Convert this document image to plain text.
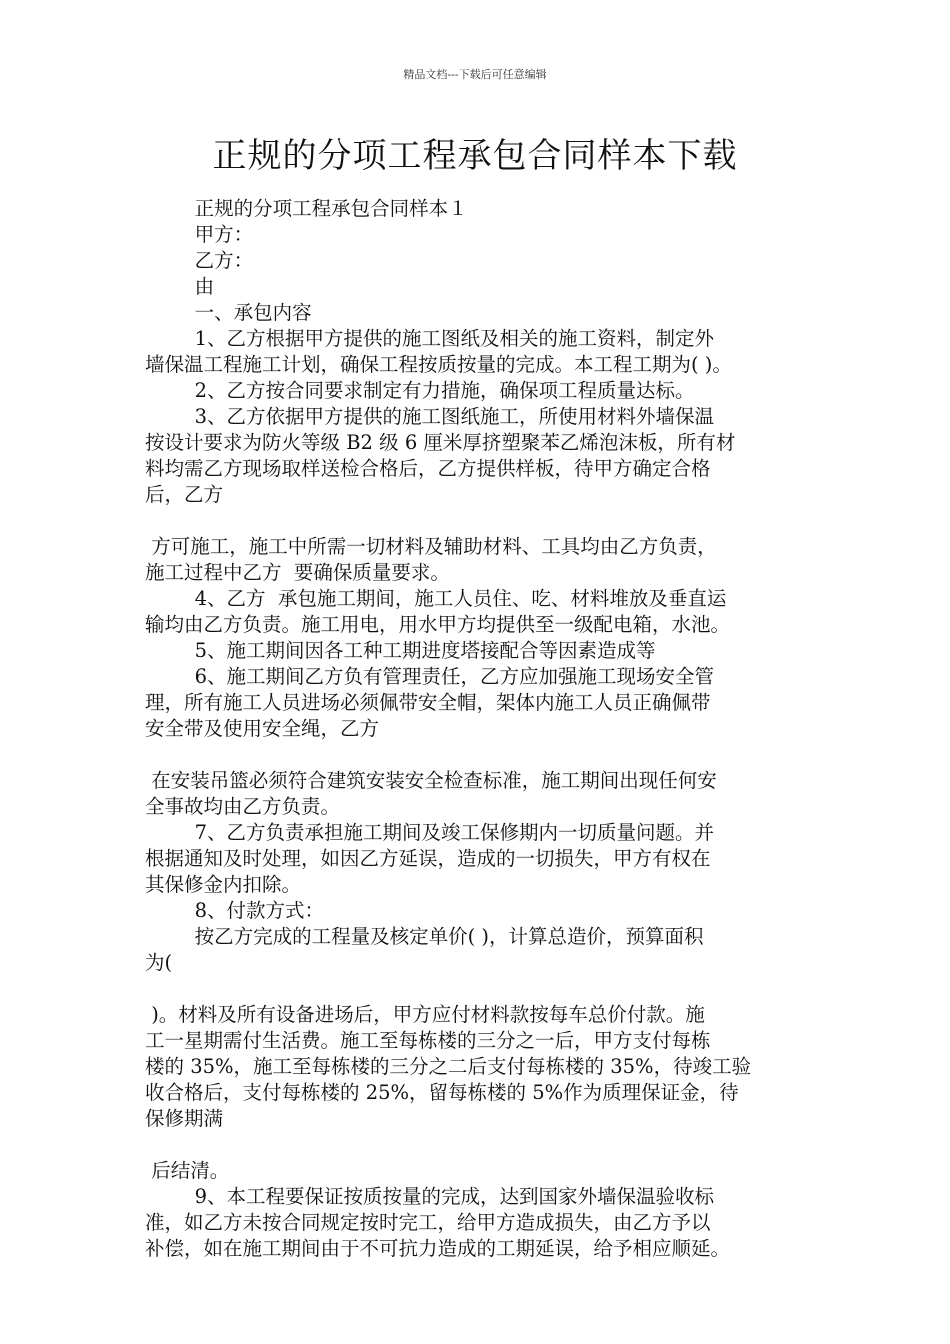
精品文档---下载后可任意编辑
正规的分项工程承包合同样本下载
正规的分项工程承包合同样本１
甲方：
乙方：
由
一、承包内容
1、乙方根据甲方提供的施工图纸及相关的施工资料，制定外
墙保温工程施工计划，确保工程按质按量的完成。本工程工期为( )。
2、乙方按合同要求制定有力措施，确保项工程质量达标。
3、乙方依据甲方提供的施工图纸施工，所使用材料外墙保温
按设计要求为防火等级 B2 级 6 厘米厚挤塑聚苯乙烯泡沫板，所有材
料均需乙方现场取样送检合格后，乙方提供样板，待甲方确定合格
后，乙方
方可施工，施工中所需一切材料及辅助材料、工具均由乙方负责，
施工过程中乙方  要确保质量要求。
4、乙方  承包施工期间，施工人员住、吃、材料堆放及垂直运
输均由乙方负责。施工用电，用水甲方均提供至一级配电箱，水池。
5、施工期间因各工种工期进度塔接配合等因素造成等
6、施工期间乙方负有管理责任，乙方应加强施工现场安全管
理，所有施工人员进场必须佩带安全帽，架体内施工人员正确佩带
安全带及使用安全绳，乙方
在安装吊篮必须符合建筑安装安全检查标准，施工期间出现任何安
全事故均由乙方负责。
7、乙方负责承担施工期间及竣工保修期内一切质量问题。并
根据通知及时处理，如因乙方延误，造成的一切损失，甲方有权在
其保修金内扣除。
8、付款方式：
按乙方完成的工程量及核定单价( )，计算总造价，预算面积
为(
)。材料及所有设备进场后，甲方应付材料款按每车总价付款。施
工一星期需付生活费。施工至每栋楼的三分之一后，甲方支付每栋
楼的 35%，施工至每栋楼的三分之二后支付每栋楼的 35%，待竣工验
收合格后，支付每栋楼的 25%，留每栋楼的 5%作为质理保证金，待
保修期满
后结清。
9、本工程要保证按质按量的完成，达到国家外墙保温验收标
准，如乙方未按合同规定按时完工，给甲方造成损失，由乙方予以
补偿，如在施工期间由于不可抗力造成的工期延误，给予相应顺延。
